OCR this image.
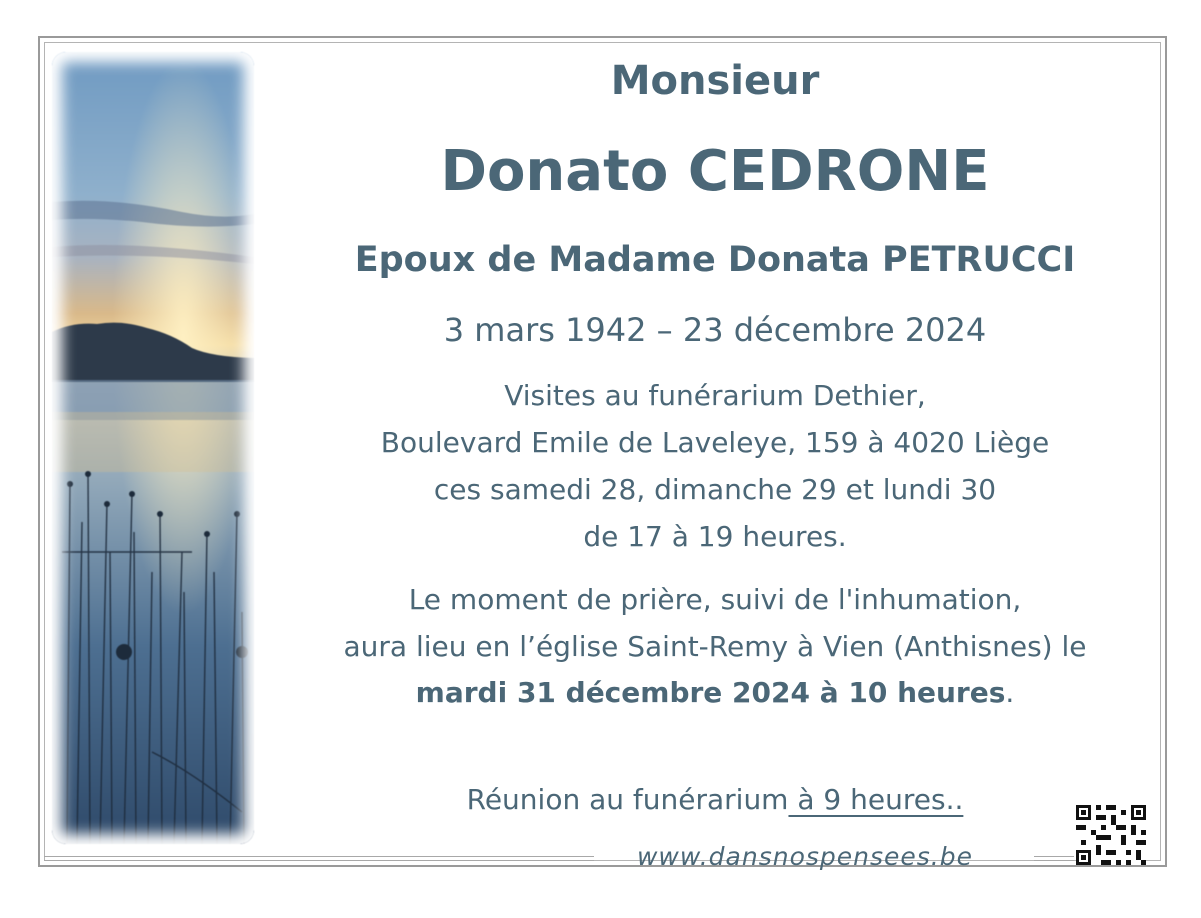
Monsieur
Donato CEDRONE
Epoux de Madame Donata PETRUCCI
3 mars 1942 – 23 décembre 2024
Visites au funérarium Dethier,
Boulevard Emile de Laveleye, 159 à 4020 Liège
ces samedi 28, dimanche 29 et lundi 30
de 17 à 19 heures.
Le moment de prière, suivi de l'inhumation,
aura lieu en l’église Saint-Remy à Vien (Anthisnes) le
mardi 31 décembre 2024 à 10 heures.
Réunion au funérarium à 9 heures..
www.dansnospensees.be
